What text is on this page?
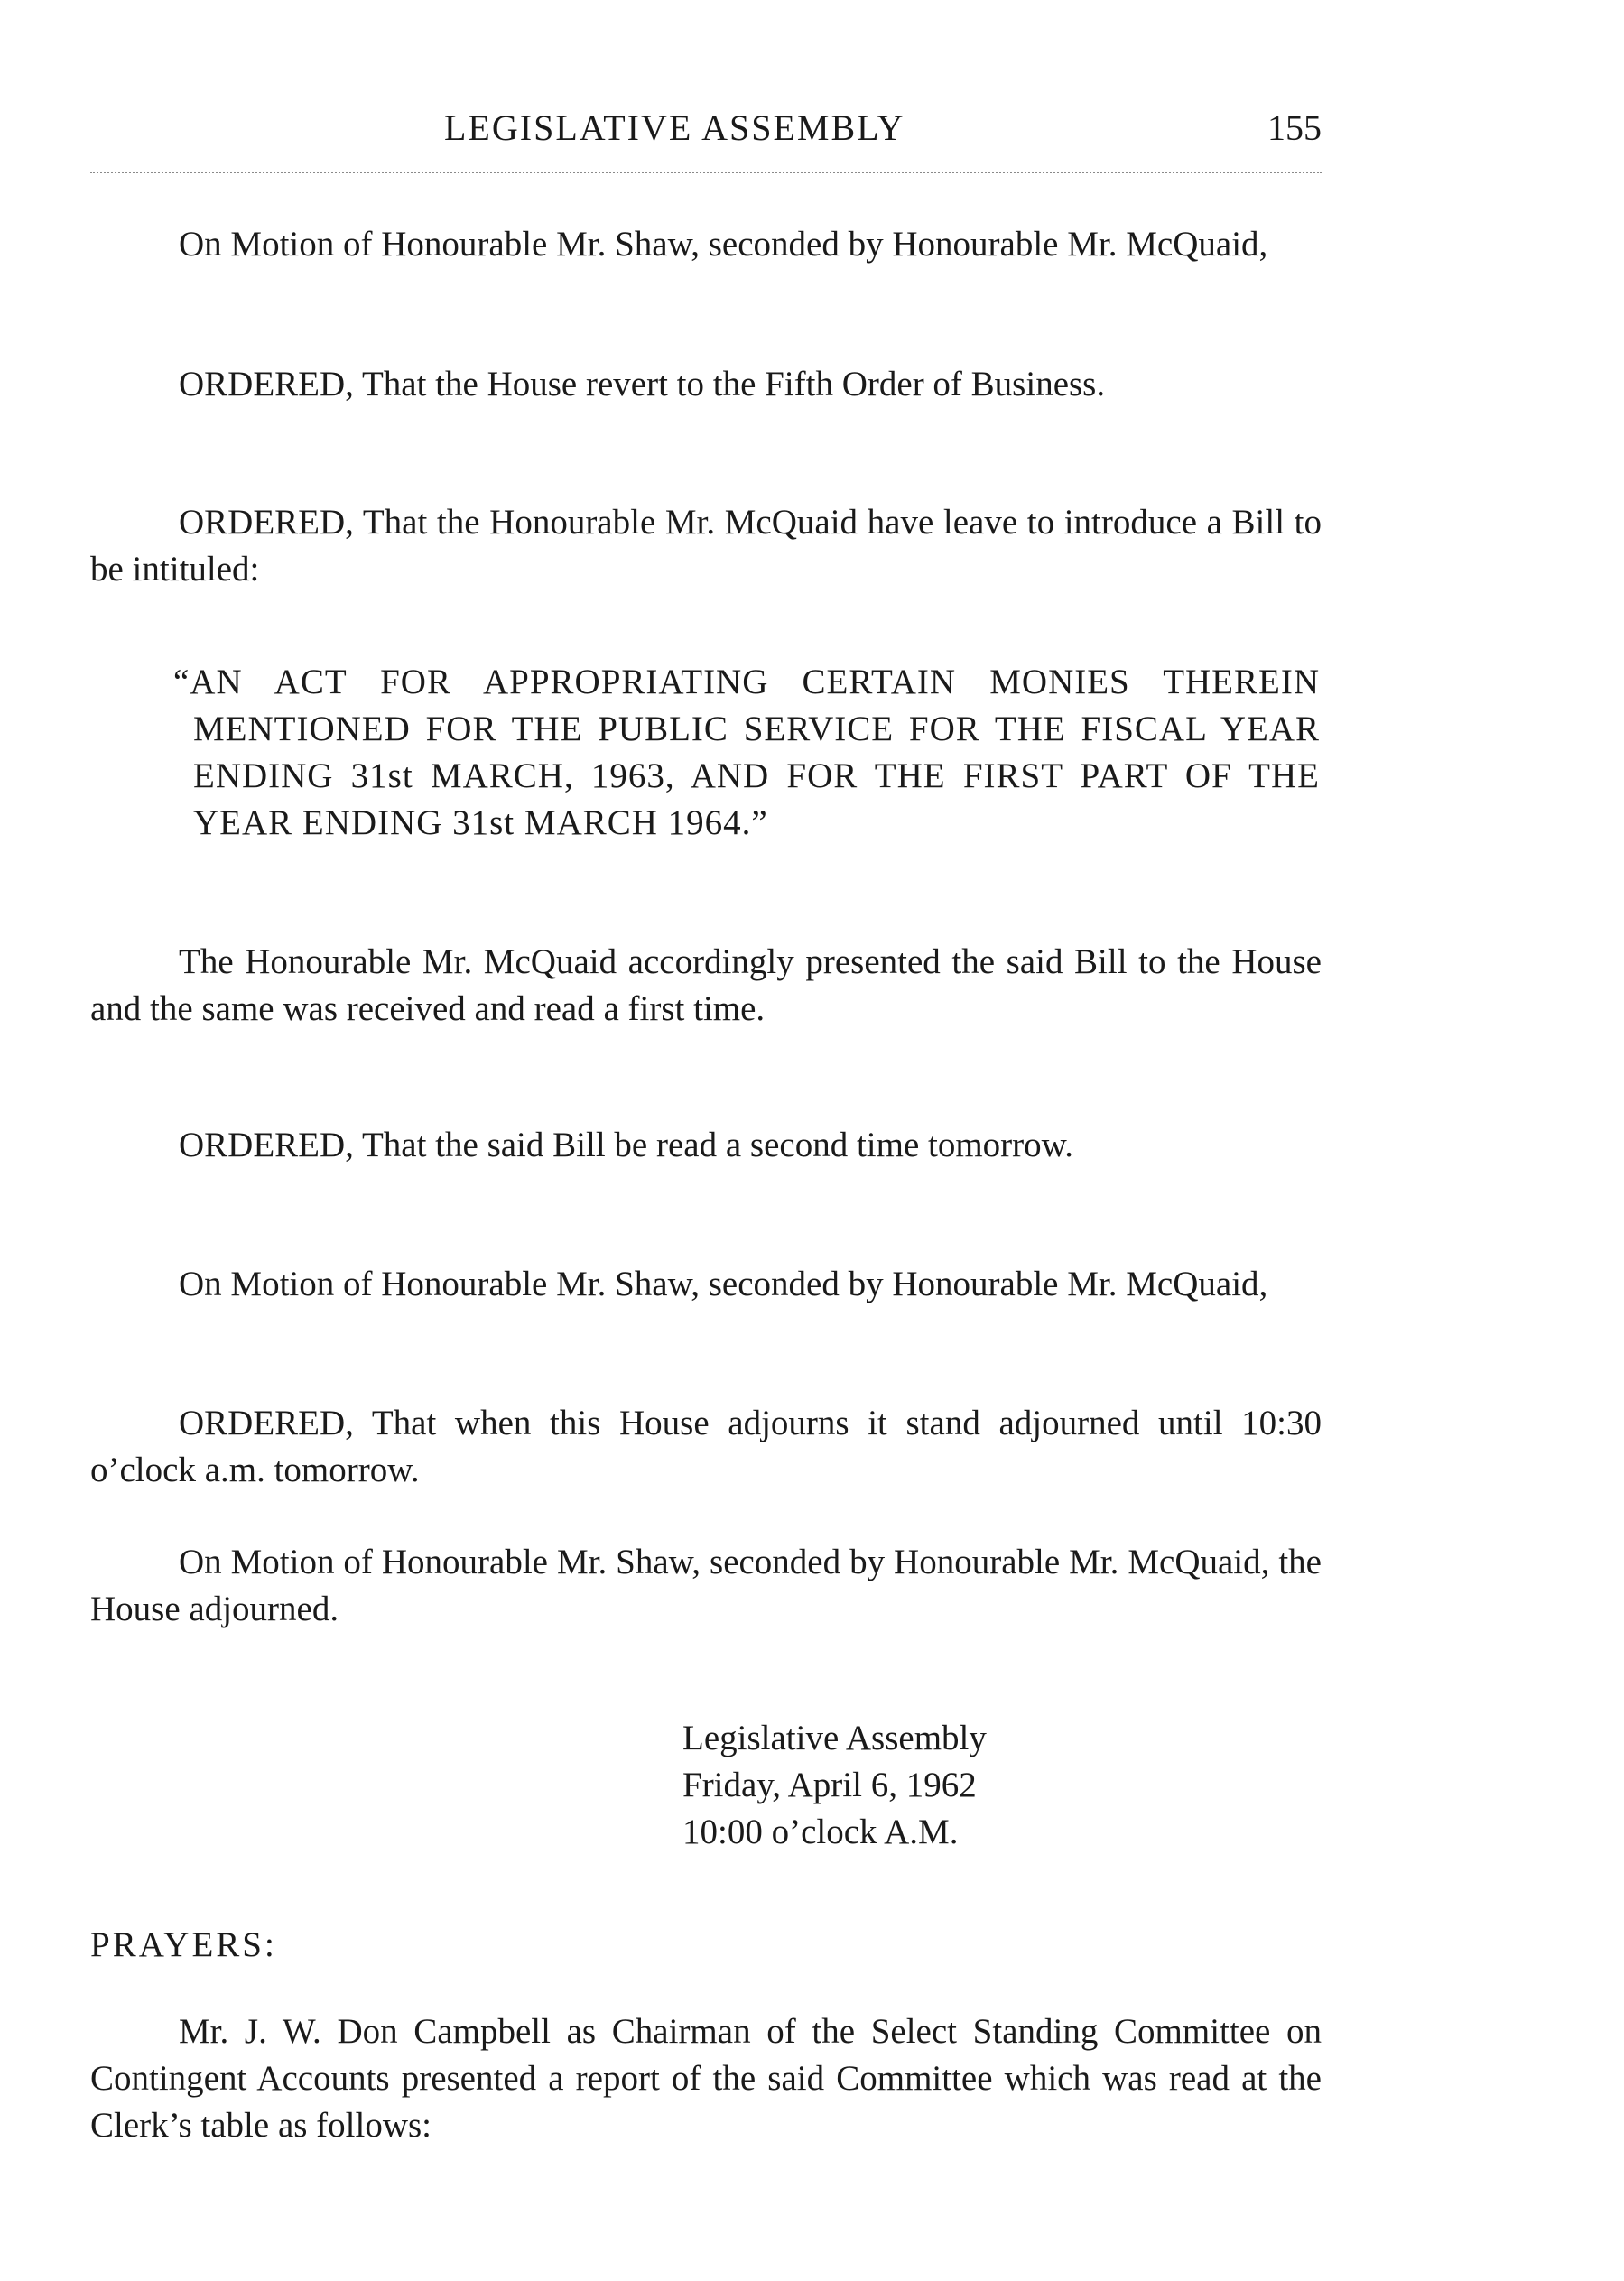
LEGISLATIVE ASSEMBLY	155

On Motion of Honourable Mr. Shaw, seconded by Honourable Mr. McQuaid,

ORDERED, That the House revert to the Fifth Order of Business.

ORDERED, That the Honourable Mr. McQuaid have leave to introduce a Bill to be intituled:

“AN ACT FOR APPROPRIATING CERTAIN MONIES THEREIN MENTIONED FOR THE PUBLIC SERVICE FOR THE FISCAL YEAR ENDING 31st MARCH, 1963, AND FOR THE FIRST PART OF THE YEAR ENDING 31st MARCH 1964.”

The Honourable Mr. McQuaid accordingly presented the said Bill to the House and the same was received and read a first time.

ORDERED, That the said Bill be read a second time tomorrow.

On Motion of Honourable Mr. Shaw, seconded by Honourable Mr. McQuaid,

ORDERED, That when this House adjourns it stand adjourned until 10:30 o’clock a.m. tomorrow.

On Motion of Honourable Mr. Shaw, seconded by Honourable Mr. McQuaid, the House adjourned.

Legislative Assembly
Friday, April 6, 1962
10:00 o’clock A.M.
PRAYERS:

Mr. J. W. Don Campbell as Chairman of the Select Standing Committee on Contingent Accounts presented a report of the said Committee which was read at the Clerk’s table as follows:
